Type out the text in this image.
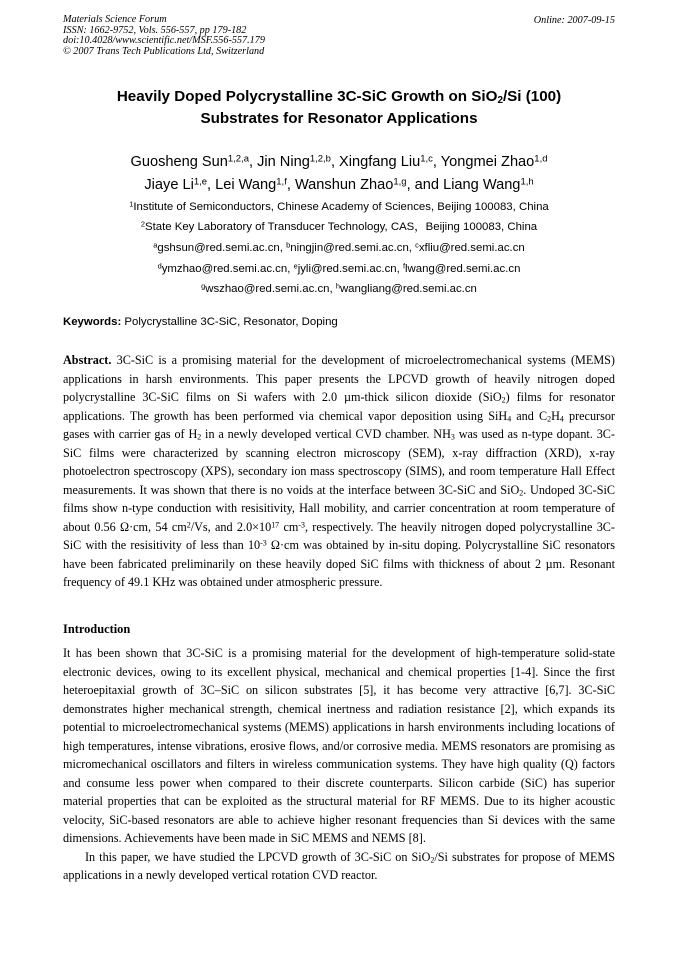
Materials Science Forum
ISSN: 1662-9752, Vols. 556-557, pp 179-182
doi:10.4028/www.scientific.net/MSF.556-557.179
© 2007 Trans Tech Publications Ltd, Switzerland
Online: 2007-09-15
Heavily Doped Polycrystalline 3C-SiC Growth on SiO$_2$/Si (100)
Substrates for Resonator Applications
Guosheng Sun$^{1,2,a}$, Jin Ning$^{1,2,b}$, Xingfang Liu$^{1,c}$, Yongmei Zhao$^{1,d}$
Jiaye Li$^{1,e}$, Lei Wang$^{1,f}$, Wanshun Zhao$^{1,g}$, and Liang Wang$^{1,h}$
$^1$Institute of Semiconductors, Chinese Academy of Sciences, Beijing 100083, China
$^2$State Key Laboratory of Transducer Technology, CAS，Beijing 100083, China
$^a$gshsun@red.semi.ac.cn, $^b$ningjin@red.semi.ac.cn, $^c$xfliu@red.semi.ac.cn
$^d$ymzhao@red.semi.ac.cn, $^e$jyli@red.semi.ac.cn, $^f$lwang@red.semi.ac.cn
$^g$wszhao@red.semi.ac.cn, $^h$wangliang@red.semi.ac.cn
Keywords: Polycrystalline 3C-SiC, Resonator, Doping
Abstract. 3C-SiC is a promising material for the development of microelectromechanical systems (MEMS) applications in harsh environments. This paper presents the LPCVD growth of heavily nitrogen doped polycrystalline 3C-SiC films on Si wafers with 2.0 µm-thick silicon dioxide (SiO$_2$) films for resonator applications. The growth has been performed via chemical vapor deposition using SiH$_4$ and $C_2H_4$ precursor gases with carrier gas of $H_2$ in a newly developed vertical CVD chamber. $NH_3$ was used as n-type dopant. 3C-SiC films were characterized by scanning electron microscopy (SEM), x-ray diffraction (XRD), x-ray photoelectron spectroscopy (XPS), secondary ion mass spectroscopy (SIMS), and room temperature Hall Effect measurements. It was shown that there is no voids at the interface between 3C-SiC and SiO$_2$. Undoped 3C-SiC films show n-type conduction with resisitivity, Hall mobility, and carrier concentration at room temperature of about 0.56 Ω·cm, 54 $cm^2/Vs$, and $2.0\times 10^{17}$ $cm^{-3}$, respectively. The heavily nitrogen doped polycrystalline 3C-SiC with the resisitivity of less than $10^{-3}$ Ω·cm was obtained by in-situ doping. Polycrystalline SiC resonators have been fabricated preliminarily on these heavily doped SiC films with thickness of about 2 µm. Resonant frequency of 49.1 KHz was obtained under atmospheric pressure.
Introduction

It has been shown that 3C-SiC is a promising material for the development of high-temperature solid-state electronic devices, owing to its excellent physical, mechanical and chemical properties [1-4]. Since the first heteroepitaxial growth of 3C–SiC on silicon substrates [5], it has become very attractive [6,7]. 3C-SiC demonstrates higher mechanical strength, chemical inertness and radiation resistance [2], which expands its potential to microelectromechanical systems (MEMS) applications in harsh environments including locations of high temperatures, intense vibrations, erosive flows, and/or corrosive media. MEMS resonators are promising as micromechanical oscillators and filters in wireless communication systems. They have high quality (Q) factors and consume less power when compared to their discrete counterparts. Silicon carbide (SiC) has superior material properties that can be exploited as the structural material for RF MEMS. Due to its higher acoustic velocity, SiC-based resonators are able to achieve higher resonant frequencies than Si devices with the same dimensions. Achievements have been made in SiC MEMS and NEMS [8].

In this paper, we have studied the LPCVD growth of 3C-SiC on SiO$_2$/Si substrates for propose of MEMS applications in a newly developed vertical rotation CVD reactor.
